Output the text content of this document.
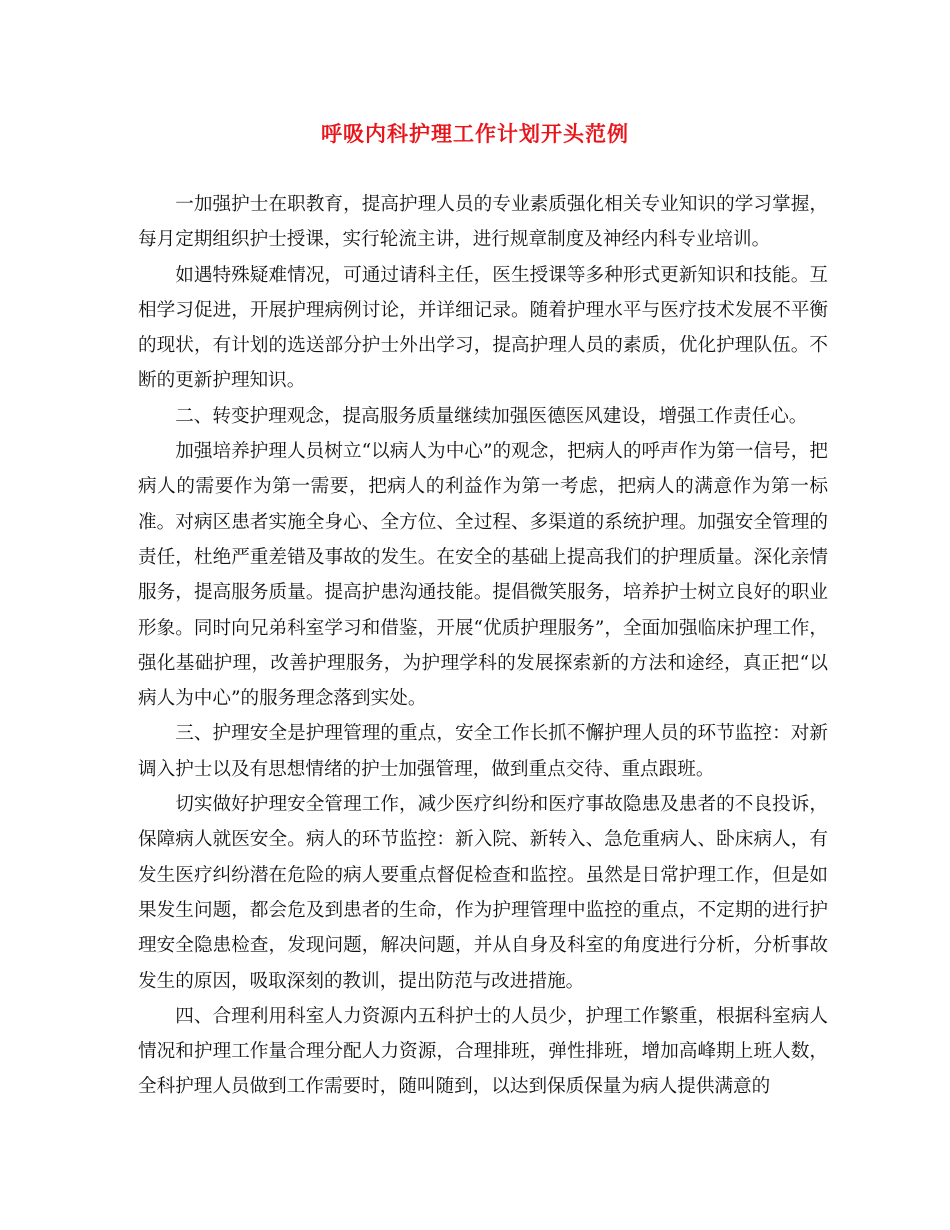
呼吸内科护理工作计划开头范例

一加强护士在职教育，提高护理人员的专业素质强化相关专业知识的学习掌握，每月定期组织护士授课，实行轮流主讲，进行规章制度及神经内科专业培训。

如遇特殊疑难情况，可通过请科主任，医生授课等多种形式更新知识和技能。互相学习促进，开展护理病例讨论，并详细记录。随着护理水平与医疗技术发展不平衡的现状，有计划的选送部分护士外出学习，提高护理人员的素质，优化护理队伍。不断的更新护理知识。

二、转变护理观念，提高服务质量继续加强医德医风建设，增强工作责任心。

加强培养护理人员树立“以病人为中心”的观念，把病人的呼声作为第一信号，把病人的需要作为第一需要，把病人的利益作为第一考虑，把病人的满意作为第一标准。对病区患者实施全身心、全方位、全过程、多渠道的系统护理。加强安全管理的责任，杜绝严重差错及事故的发生。在安全的基础上提高我们的护理质量。深化亲情服务，提高服务质量。提高护患沟通技能。提倡微笑服务，培养护士树立良好的职业形象。同时向兄弟科室学习和借鉴，开展“优质护理服务”，全面加强临床护理工作，强化基础护理，改善护理服务，为护理学科的发展探索新的方法和途经，真正把“以病人为中心”的服务理念落到实处。

三、护理安全是护理管理的重点，安全工作长抓不懈护理人员的环节监控：对新调入护士以及有思想情绪的护士加强管理，做到重点交待、重点跟班。

切实做好护理安全管理工作，减少医疗纠纷和医疗事故隐患及患者的不良投诉，保障病人就医安全。病人的环节监控：新入院、新转入、急危重病人、卧床病人，有发生医疗纠纷潜在危险的病人要重点督促检查和监控。虽然是日常护理工作，但是如果发生问题，都会危及到患者的生命，作为护理管理中监控的重点，不定期的进行护理安全隐患检查，发现问题，解决问题，并从自身及科室的角度进行分析，分析事故发生的原因，吸取深刻的教训，提出防范与改进措施。

四、合理利用科室人力资源内五科护士的人员少，护理工作繁重，根据科室病人情况和护理工作量合理分配人力资源，合理排班，弹性排班，增加高峰期上班人数，全科护理人员做到工作需要时，随叫随到，以达到保质保量为病人提供满意的
